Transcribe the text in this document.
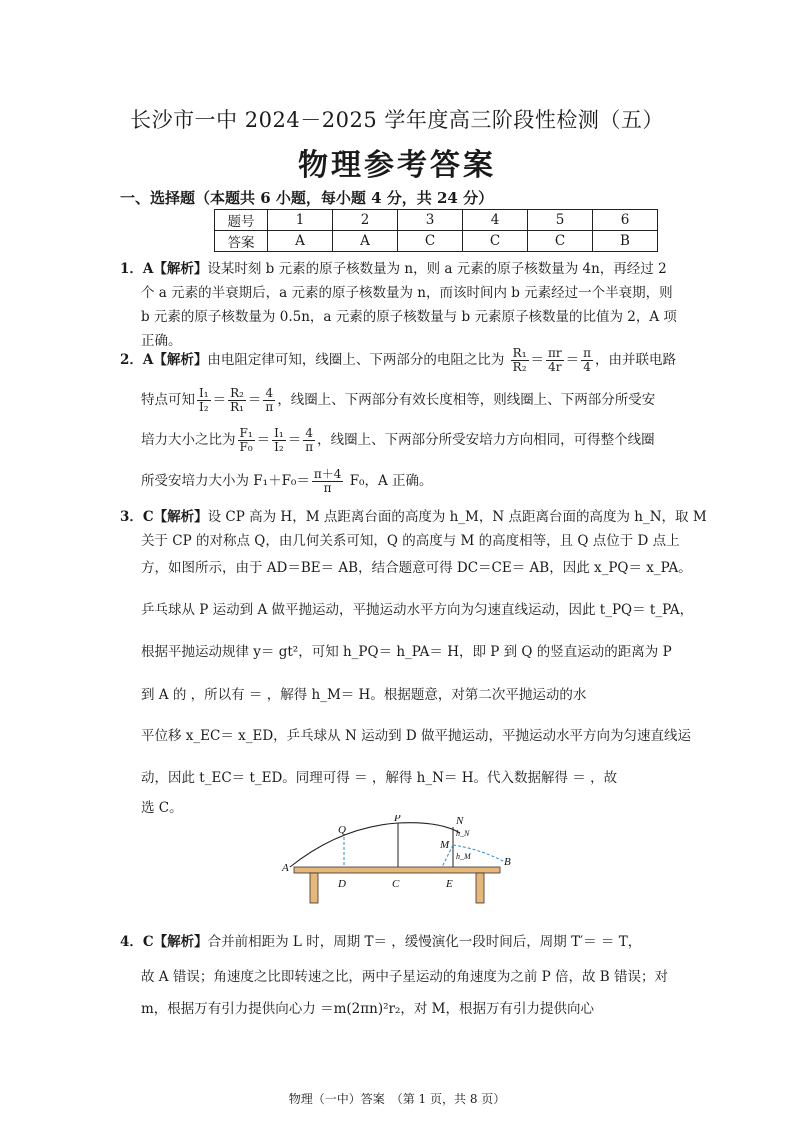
长沙市一中 2024－2025 学年度高三阶段性检测（五）
物理参考答案
一、选择题（本题共 6 小题，每小题 4 分，共 24 分）
题号	1	2	3	4	5	6
答案	A	A	C	C	C	B
1．A【解析】设某时刻 b 元素的原子核数量为 n，则 a 元素的原子核数量为 4n，再经过 2
个 a 元素的半衰期后，a 元素的原子核数量为 n，而该时间内 b 元素经过一个半衰期，则
b 元素的原子核数量为 0.5n，a 元素的原子核数量与 b 元素原子核数量的比值为 2，A 项
正确。
2．A【解析】由电阻定律可知，线圈上、下两部分的电阻之比为 $\frac{\text{R₁}}{\text{R₂}} = \frac{\pi r}{4r} = \frac{\pi}{4}$ ，由并联电路
特点可知 $\frac{\text{I₁}}{\text{I₂}} = \frac{\text{R₂}}{\text{R₁}} = \frac{4}{\pi}$ ，线圈上、下两部分有效长度相等，则线圈上、下两部分所受安
培力大小之比为 $\frac{\text{F₁}}{\text{F₀}} = \frac{\text{I₁}}{\text{I₂}} = \frac{4}{\pi}$ ，线圈上、下两部分所受安培力方向相同，可得整个线圈
所受安培力大小为 $F_1+F_0= \frac{\pi+4}{\pi} F_0$，A 正确。
3．C【解析】设 CP 高为 H，M 点距离台面的高度为 h_M，N 点距离台面的高度为 h_N，取 M
关于 CP 的对称点 Q，由几何关系可知，Q 的高度与 M 的高度相等，且 Q 点位于 D 点上
方，如图所示，由于 AD＝BE＝ AB，结合题意可得 DC＝CE＝ AB，因此 x_PQ＝ x_PA。
乒乓球从 P 运动到 A 做平抛运动，平抛运动水平方向为匀速直线运动，因此 t_PQ＝ t_PA，
根据平抛运动规律 y＝ gt²，可知 h_PQ＝ h_PA＝ H，即 P 到 Q 的竖直运动的距离为 P
到 A 的 ，所以有 ＝ ，解得 h_M＝ H。根据题意，对第二次平抛运动的水
平位移 x_EC＝ x_ED，乒乓球从 N 运动到 D 做平抛运动，平抛运动水平方向为匀速直线运
动，因此 t_EC＝ t_ED。同理可得 ＝ ，解得 h_N＝ H。代入数据解得 ＝ ，故
选 C。
Q
P	N
h_N
M
h_M
A	B
D	C	E
4．C【解析】合并前相距为 L 时，周期 T＝ ，缓慢演化一段时间后，周期 T′＝ ＝ T，
故 A 错误；角速度之比即转速之比，两中子星运动的角速度为之前 P 倍，故 B 错误；对
m，根据万有引力提供向心力 ＝m(2πn)²r₂，对 M，根据万有引力提供向心
物理（一中）答案　（第 1 页，共 8 页）
